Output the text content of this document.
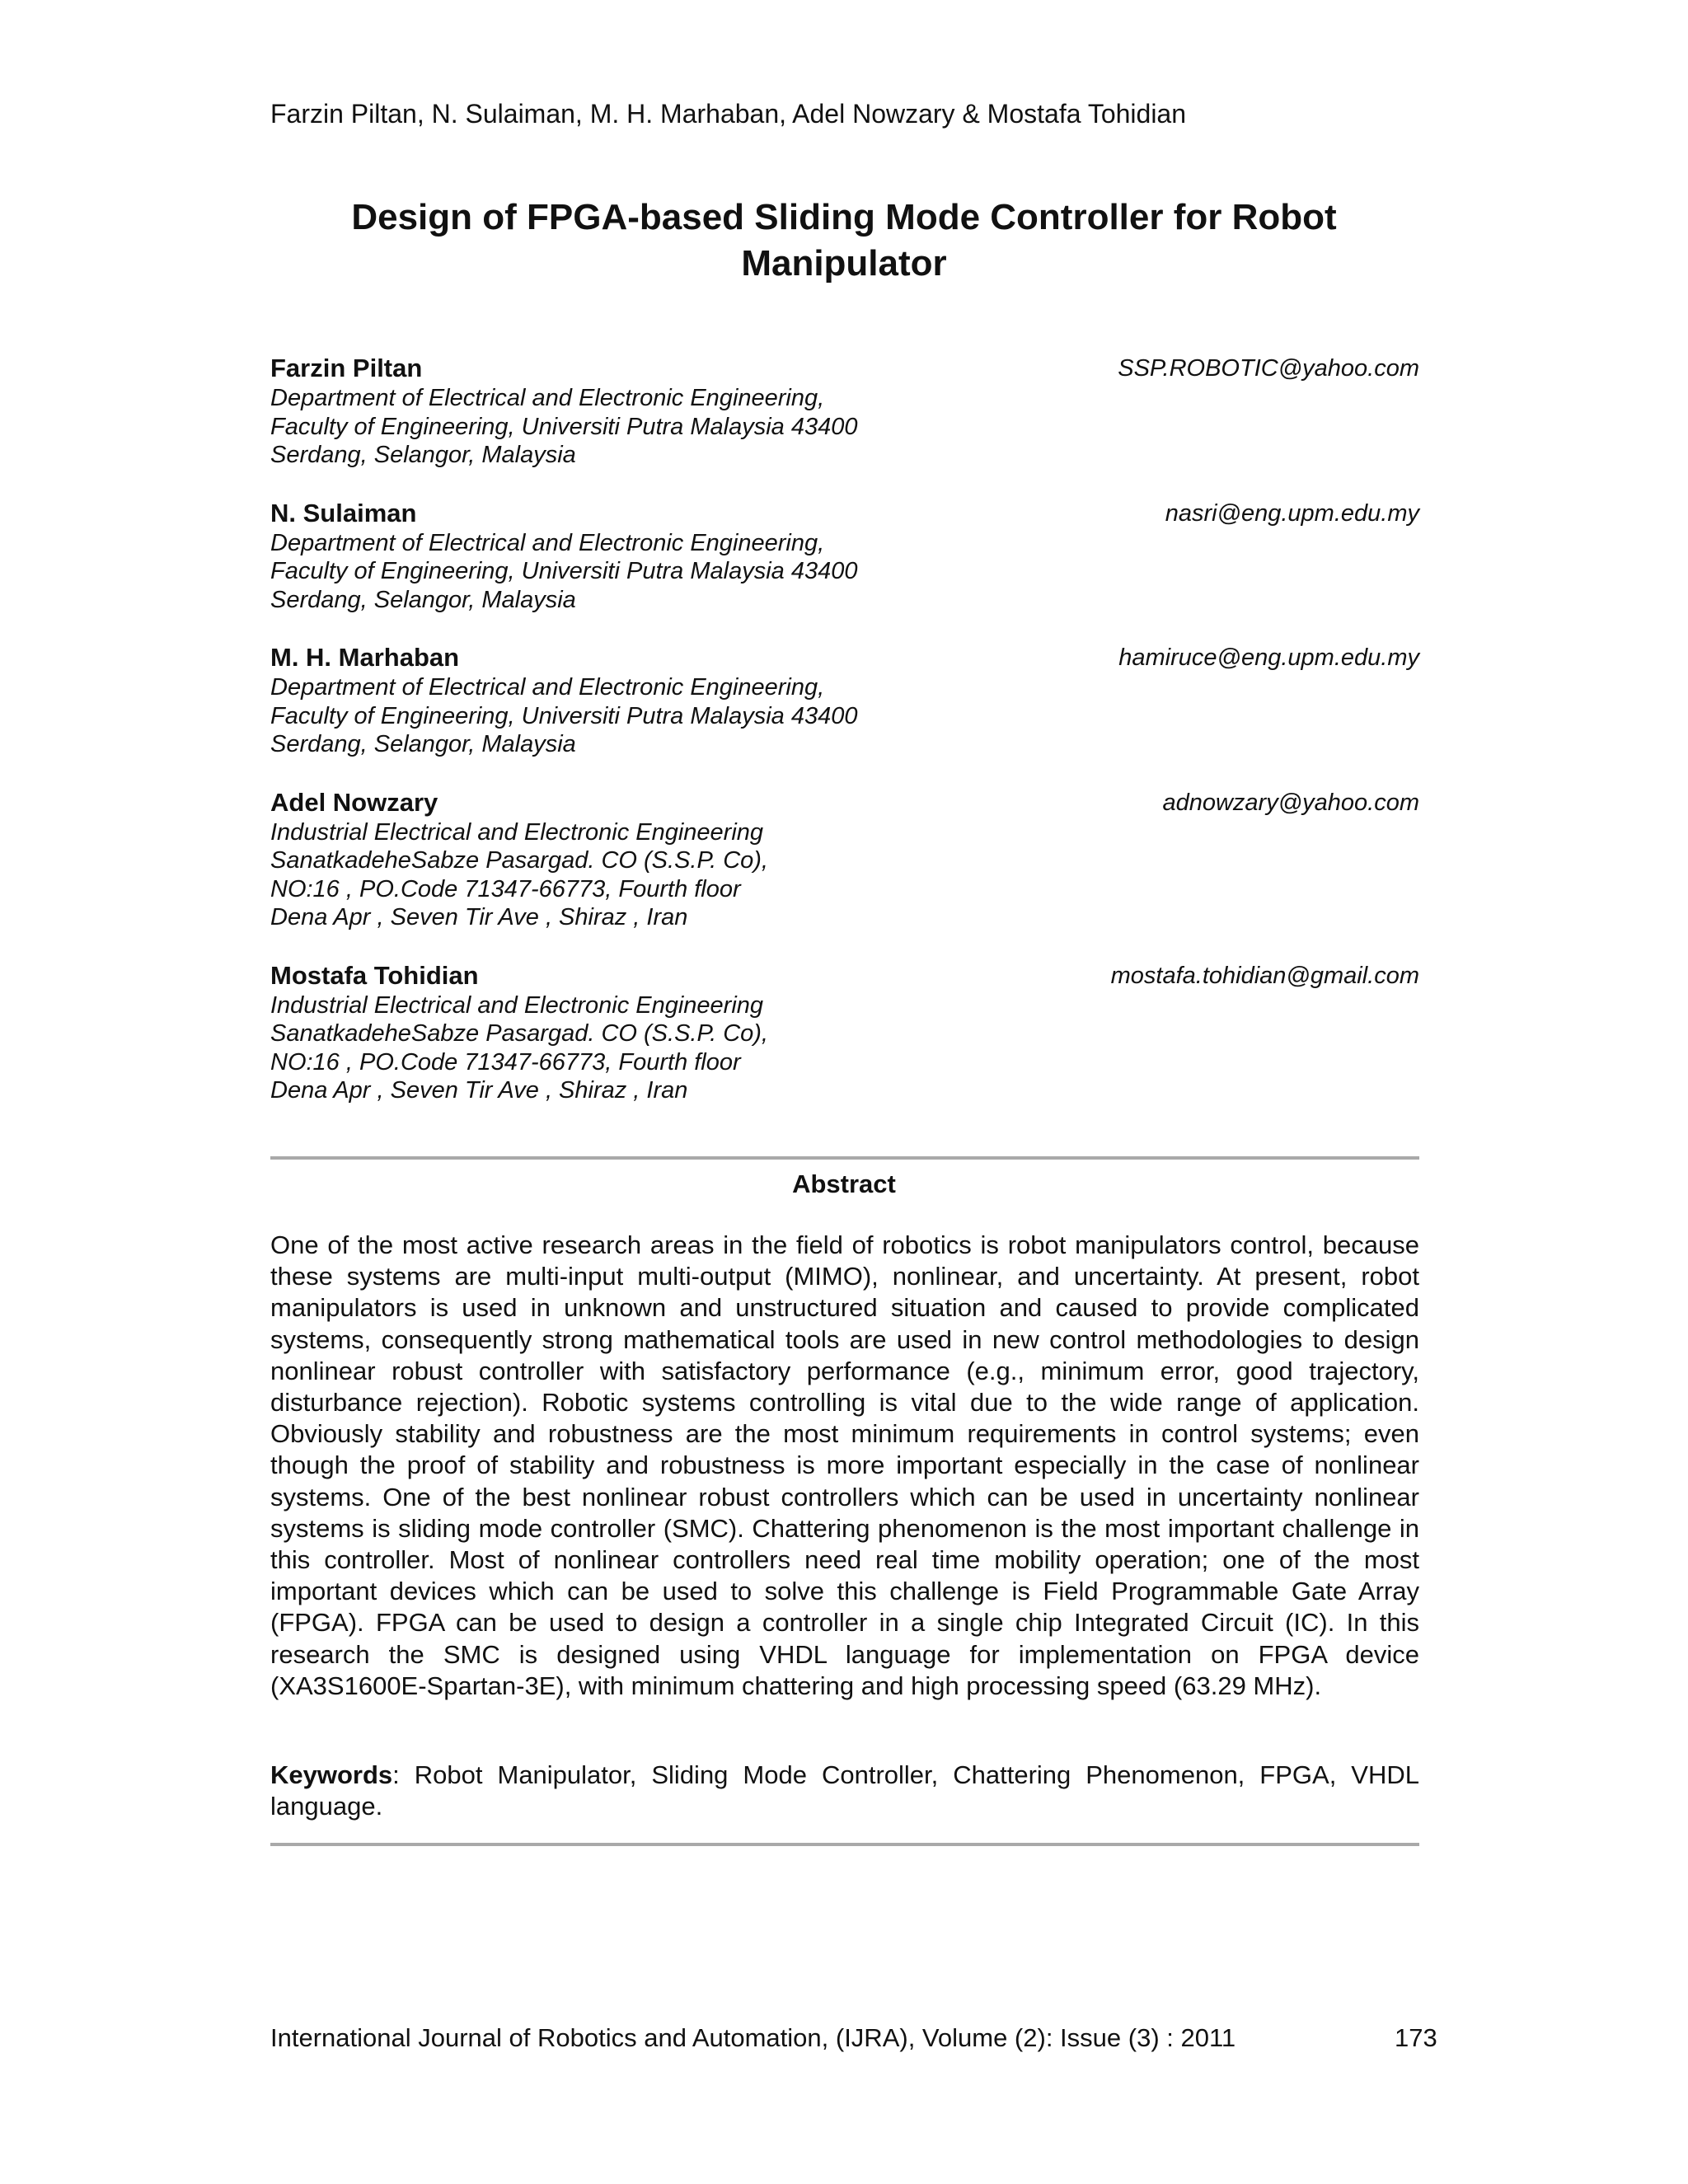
Farzin Piltan, N. Sulaiman, M. H. Marhaban, Adel Nowzary & Mostafa Tohidian
Design of FPGA-based Sliding Mode Controller for Robot
Manipulator
Farzin Piltan	SSP.ROBOTIC@yahoo.com
Department of Electrical and Electronic Engineering,
Faculty of Engineering, Universiti Putra Malaysia 43400
Serdang, Selangor, Malaysia
N. Sulaiman	nasri@eng.upm.edu.my
Department of Electrical and Electronic Engineering,
Faculty of Engineering, Universiti Putra Malaysia 43400
Serdang, Selangor, Malaysia
M. H. Marhaban	hamiruce@eng.upm.edu.my
Department of Electrical and Electronic Engineering,
Faculty of Engineering, Universiti Putra Malaysia 43400
Serdang, Selangor, Malaysia
Adel Nowzary	adnowzary@yahoo.com
Industrial Electrical and Electronic Engineering
SanatkadeheSabze Pasargad. CO (S.S.P. Co),
NO:16 , PO.Code 71347-66773, Fourth floor
Dena Apr , Seven Tir Ave , Shiraz , Iran
Mostafa Tohidian	mostafa.tohidian@gmail.com
Industrial Electrical and Electronic Engineering
SanatkadeheSabze Pasargad. CO (S.S.P. Co),
NO:16 , PO.Code 71347-66773, Fourth floor
Dena Apr , Seven Tir Ave , Shiraz , Iran
Abstract

One of the most active research areas in the field of robotics is robot manipulators control, because these systems are multi-input multi-output (MIMO), nonlinear, and uncertainty. At present, robot manipulators is used in unknown and unstructured situation and caused to provide complicated systems, consequently strong mathematical tools are used in new control methodologies to design nonlinear robust controller with satisfactory performance (e.g., minimum error, good trajectory, disturbance rejection). Robotic systems controlling is vital due to the wide range of application. Obviously stability and robustness are the most minimum requirements in control systems; even though the proof of stability and robustness is more important especially in the case of nonlinear systems. One of the best nonlinear robust controllers which can be used in uncertainty nonlinear systems is sliding mode controller (SMC). Chattering phenomenon is the most important challenge in this controller. Most of nonlinear controllers need real time mobility operation; one of the most important devices which can be used to solve this challenge is Field Programmable Gate Array (FPGA). FPGA can be used to design a controller in a single chip Integrated Circuit (IC). In this research the SMC is designed using VHDL language for implementation on FPGA device (XA3S1600E-Spartan-3E), with minimum chattering and high processing speed (63.29 MHz).

Keywords: Robot Manipulator, Sliding Mode Controller, Chattering Phenomenon, FPGA, VHDL language.

International Journal of Robotics and Automation, (IJRA), Volume (2): Issue (3) : 2011	173
